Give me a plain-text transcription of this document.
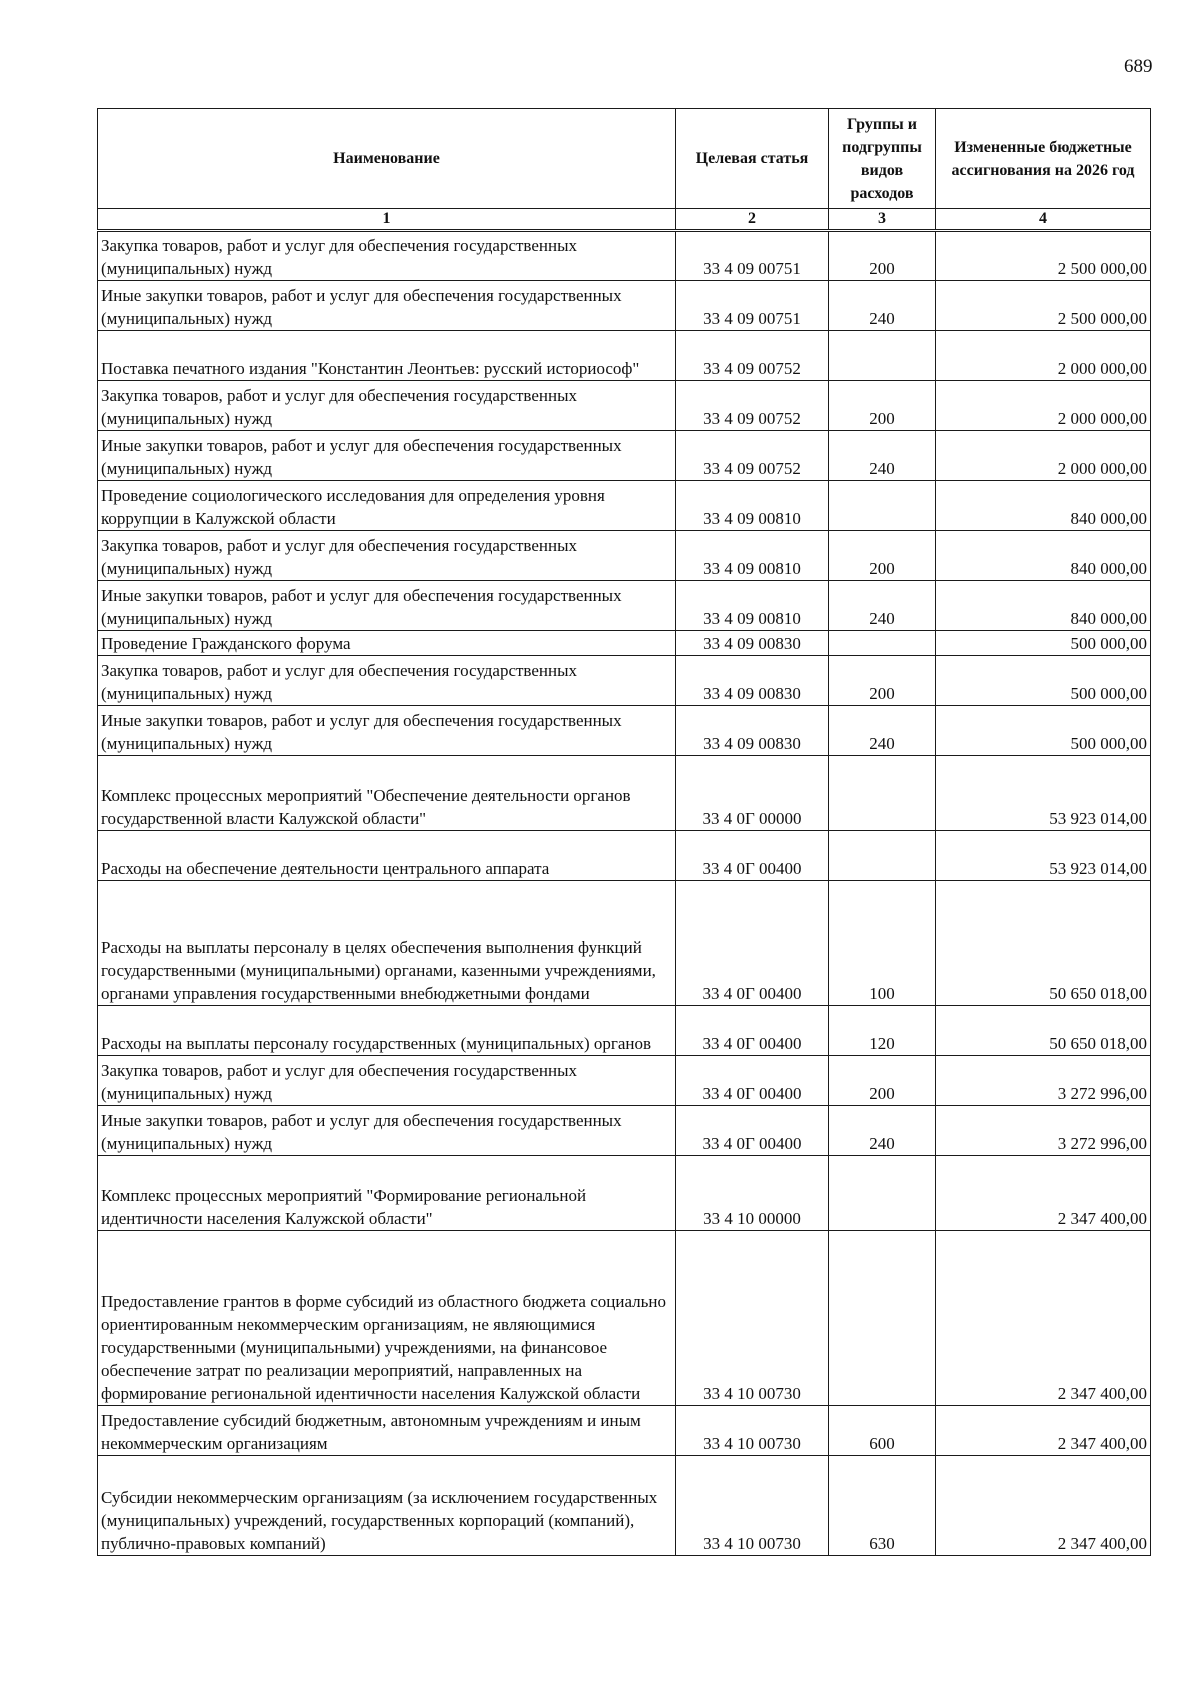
689
Наименование	Целевая статья	Группы и подгруппы видов расходов	Измененные бюджетные ассигнования на 2026 год
1	2	3	4
Закупка товаров, работ и услуг для обеспечения государственных (муниципальных) нужд	33 4 09 00751	200	2 500 000,00
Иные закупки товаров, работ и услуг для обеспечения государственных (муниципальных) нужд	33 4 09 00751	240	2 500 000,00
Поставка печатного издания "Константин Леонтьев: русский историософ"	33 4 09 00752		2 000 000,00
Закупка товаров, работ и услуг для обеспечения государственных (муниципальных) нужд	33 4 09 00752	200	2 000 000,00
Иные закупки товаров, работ и услуг для обеспечения государственных (муниципальных) нужд	33 4 09 00752	240	2 000 000,00
Проведение социологического исследования для определения уровня коррупции в Калужской области	33 4 09 00810		840 000,00
Закупка товаров, работ и услуг для обеспечения государственных (муниципальных) нужд	33 4 09 00810	200	840 000,00
Иные закупки товаров, работ и услуг для обеспечения государственных (муниципальных) нужд	33 4 09 00810	240	840 000,00
Проведение Гражданского форума	33 4 09 00830		500 000,00
Закупка товаров, работ и услуг для обеспечения государственных (муниципальных) нужд	33 4 09 00830	200	500 000,00
Иные закупки товаров, работ и услуг для обеспечения государственных (муниципальных) нужд	33 4 09 00830	240	500 000,00
Комплекс процессных мероприятий "Обеспечение деятельности органов государственной власти Калужской области"	33 4 0Г 00000		53 923 014,00
Расходы на обеспечение деятельности центрального аппарата	33 4 0Г 00400		53 923 014,00
Расходы на выплаты персоналу в целях обеспечения выполнения функций государственными (муниципальными) органами, казенными учреждениями, органами управления государственными внебюджетными фондами	33 4 0Г 00400	100	50 650 018,00
Расходы на выплаты персоналу государственных (муниципальных) органов	33 4 0Г 00400	120	50 650 018,00
Закупка товаров, работ и услуг для обеспечения государственных (муниципальных) нужд	33 4 0Г 00400	200	3 272 996,00
Иные закупки товаров, работ и услуг для обеспечения государственных (муниципальных) нужд	33 4 0Г 00400	240	3 272 996,00
Комплекс процессных мероприятий "Формирование региональной идентичности населения Калужской области"	33 4 10 00000		2 347 400,00
Предоставление грантов в форме субсидий из областного бюджета социально ориентированным некоммерческим организациям, не являющимися государственными (муниципальными) учреждениями, на финансовое обеспечение затрат по реализации мероприятий, направленных на формирование региональной идентичности населения Калужской области	33 4 10 00730		2 347 400,00
Предоставление субсидий бюджетным, автономным учреждениям и иным некоммерческим организациям	33 4 10 00730	600	2 347 400,00
Субсидии некоммерческим организациям (за исключением государственных (муниципальных) учреждений, государственных корпораций (компаний), публично-правовых компаний)	33 4 10 00730	630	2 347 400,00
